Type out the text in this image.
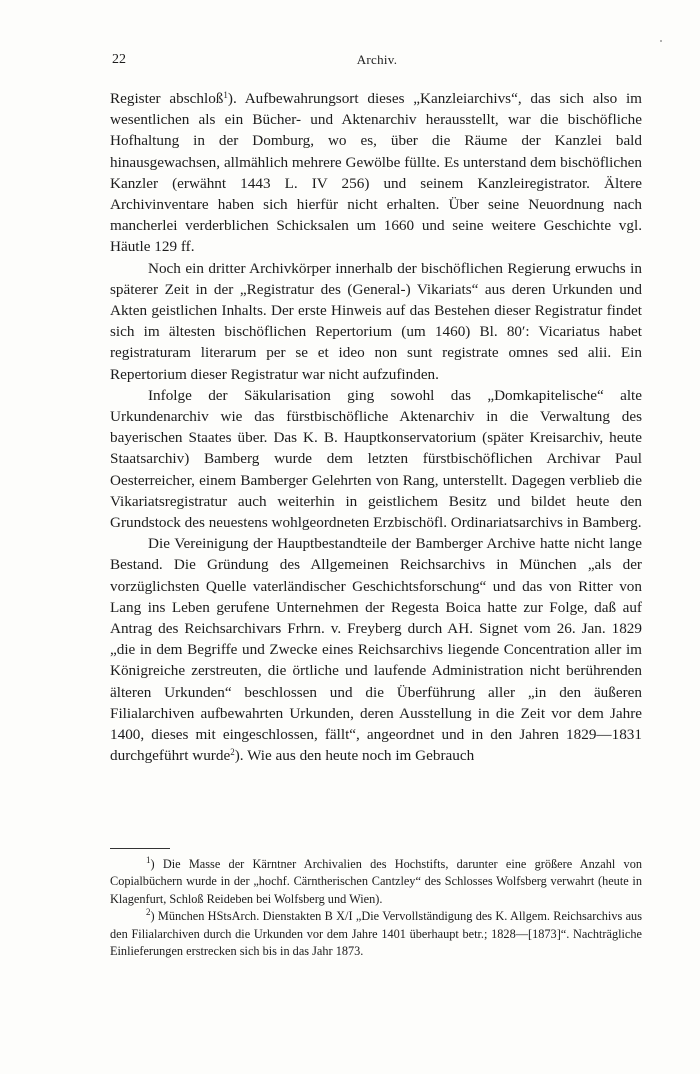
22	Archiv.

Register abschloß$^1$). Aufbewahrungsort dieses „Kanzleiarchivs“, das sich also im wesentlichen als ein Bücher- und Aktenarchiv herausstellt, war die bischöfliche Hofhaltung in der Domburg, wo es, über die Räume der Kanzlei bald hinausgewachsen, allmählich mehrere Gewölbe füllte. Es unterstand dem bischöflichen Kanzler (erwähnt 1443 L. IV 256) und seinem Kanzleiregistrator. Ältere Archivinventare haben sich hierfür nicht erhalten. Über seine Neuordnung nach mancherlei verderblichen Schicksalen um 1660 und seine weitere Geschichte vgl. Häutle 129 ff.

Noch ein dritter Archivkörper innerhalb der bischöflichen Regierung erwuchs in späterer Zeit in der „Registratur des (General-) Vikariats“ aus deren Urkunden und Akten geistlichen Inhalts. Der erste Hinweis auf das Bestehen dieser Registratur findet sich im ältesten bischöflichen Repertorium (um 1460) Bl. 80′: Vicariatus habet registraturam literarum per se et ideo non sunt registrate omnes sed alii. Ein Repertorium dieser Registratur war nicht aufzufinden.

Infolge der Säkularisation ging sowohl das „Domkapitelische“ alte Urkundenarchiv wie das fürstbischöfliche Aktenarchiv in die Verwaltung des bayerischen Staates über. Das K. B. Hauptkonservatorium (später Kreisarchiv, heute Staatsarchiv) Bamberg wurde dem letzten fürstbischöflichen Archivar Paul Oesterreicher, einem Bamberger Gelehrten von Rang, unterstellt. Dagegen verblieb die Vikariatsregistratur auch weiterhin in geistlichem Besitz und bildet heute den Grundstock des neuestens wohlgeordneten Erzbischöfl. Ordinariatsarchivs in Bamberg.

Die Vereinigung der Hauptbestandteile der Bamberger Archive hatte nicht lange Bestand. Die Gründung des Allgemeinen Reichsarchivs in München „als der vorzüglichsten Quelle vaterländischer Geschichtsforschung“ und das von Ritter von Lang ins Leben gerufene Unternehmen der Regesta Boica hatte zur Folge, daß auf Antrag des Reichsarchivars Frhrn. v. Freyberg durch AH. Signet vom 26. Jan. 1829 „die in dem Begriffe und Zwecke eines Reichsarchivs liegende Concentration aller im Königreiche zerstreuten, die örtliche und laufende Administration nicht berührenden älteren Urkunden“ beschlossen und die Überführung aller „in den äußeren Filialarchiven aufbewahrten Urkunden, deren Ausstellung in die Zeit vor dem Jahre 1400, dieses mit eingeschlossen, fällt“, angeordnet und in den Jahren 1829—1831 durchgeführt wurde$^2$). Wie aus den heute noch im Gebrauch

$^1$) Die Masse der Kärntner Archivalien des Hochstifts, darunter eine größere Anzahl von Copialbüchern wurde in der „hochf. Cärntherischen Cantzley“ des Schlosses Wolfsberg verwahrt (heute in Klagenfurt, Schloß Reideben bei Wolfsberg und Wien).

$^2$) München HStsArch. Dienstakten B X/I „Die Vervollständigung des K. Allgem. Reichsarchivs aus den Filialarchiven durch die Urkunden vor dem Jahre 1401 überhaupt betr.; 1828—[1873]“. Nachträgliche Einlieferungen erstrecken sich bis in das Jahr 1873.
